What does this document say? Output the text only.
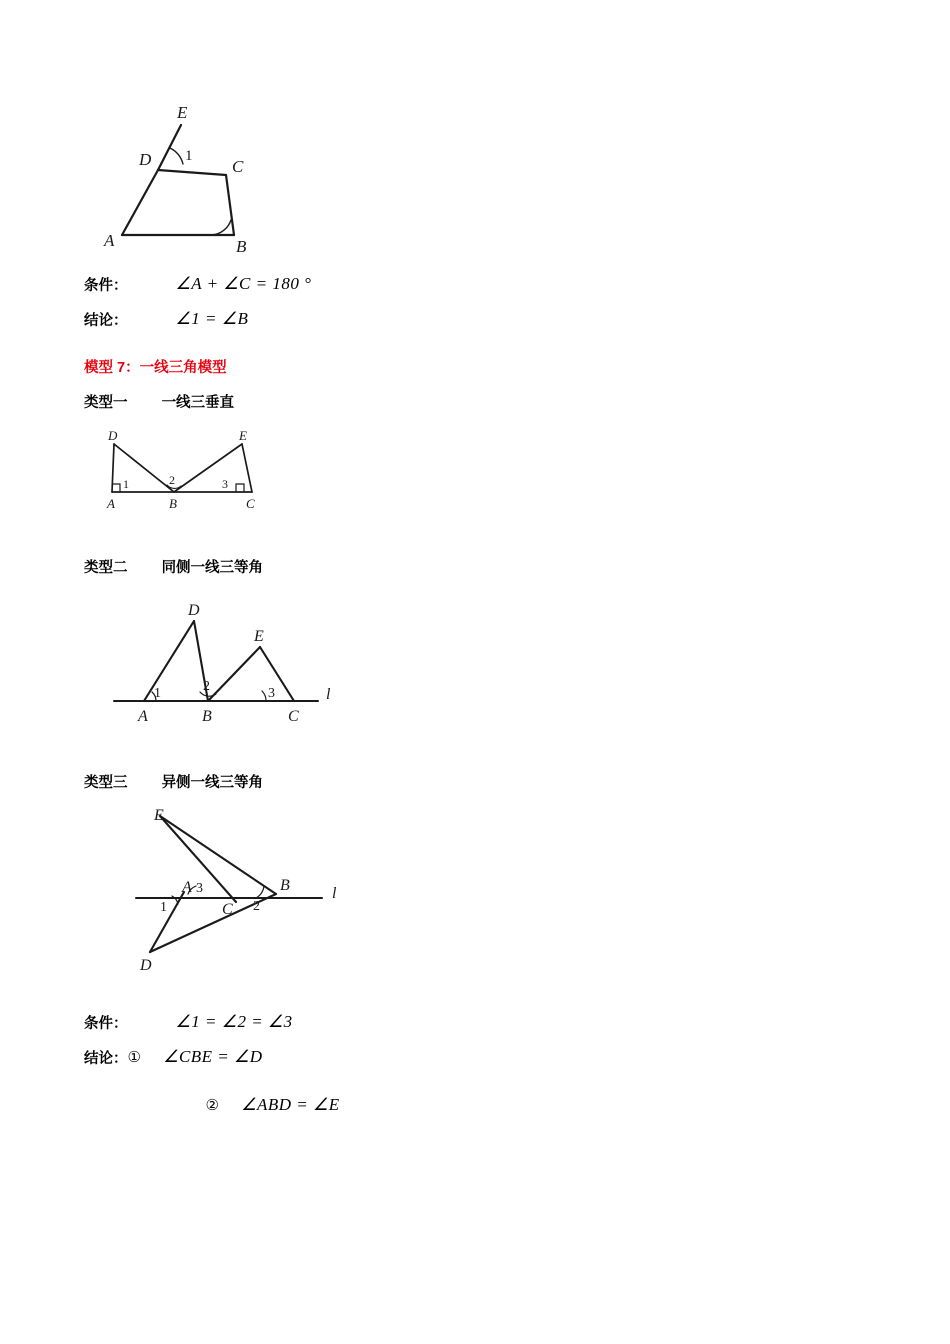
E
D 1
C
A	B
条件：	∠A + ∠C = 180 °
结论：	∠1 = ∠B
模型 7：一线三角模型
类型一 一线三垂直
D	E
1	2	3
A	B	C
类型二 同侧一线三等角
D
E
1	2	3
A	B	C
l
类型三 异侧一线三等角
E
A 3	B
1	2
C
D
l
条件：	∠1 = ∠2 = ∠3
结论： ① ∠CBE = ∠D
② ∠ABD = ∠E
